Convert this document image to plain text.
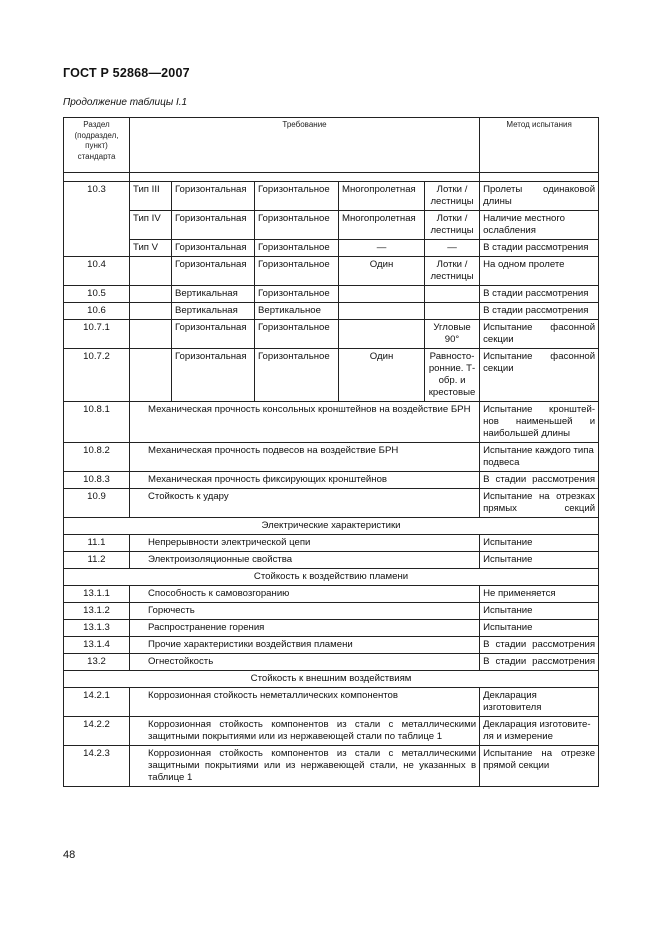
ГОСТ Р 52868—2007
Продолжение таблицы I.1
Раздел (подраздел, пункт) стандарта	Требование					Метод испытания

10.3	Тип III	Горизонтальная	Горизонтальное	Многопролетная	Лотки / лестницы	Пролеты одинаковой длины
	Тип IV	Горизонтальная	Горизонтальное	Многопролетная	Лотки / лестницы	Наличие местного ослабления
	Тип V	Горизонтальная	Горизонтальное	—	—	В стадии рассмотрения
10.4		Горизонтальная	Горизонтальное	Один	Лотки / лестницы	На одном пролете
10.5		Вертикальная	Горизонтальное			В стадии рассмотрения
10.6		Вертикальная	Вертикальное			В стадии рассмотрения
10.7.1		Горизонтальная	Горизонтальное		Угловые 90°	Испытание фасонной секции
10.7.2		Горизонтальная	Горизонтальное	Один	Равносто-ронние. Т-обр. и крестовые	Испытание фасонной секции
10.8.1	Механическая прочность консольных кронштейнов на воздействие БРН					Испытание кронштей-нов наименьшей и наибольшей длины
10.8.2	Механическая прочность подвесов на воздействие БРН					Испытание каждого типа подвеса
10.8.3	Механическая прочность фиксирующих кронштейнов					В стадии рассмотрения
10.9	Стойкость к удару					Испытание на отрезках прямых секций
Электрические характеристики						
11.1	Непрерывности электрической цепи					Испытание
11.2	Электроизоляционные свойства					Испытание
Стойкость к воздействию пламени						
13.1.1	Способность к самовозгоранию					Не применяется
13.1.2	Горючесть					Испытание
13.1.3	Распространение горения					Испытание
13.1.4	Прочие характеристики воздействия пламени					В стадии рассмотрения
13.2	Огнестойкость					В стадии рассмотрения
Стойкость к внешним воздействиям						
14.2.1	Коррозионная стойкость неметаллических компонентов					Декларация изготовителя
14.2.2	Коррозионная стойкость компонентов из стали с металлическими защитными покрытиями или из нержавеющей стали по таблице 1					Декларация изготовите-ля и измерение
14.2.3	Коррозионная стойкость компонентов из стали с металлическими защитными покрытиями или из нержавеющей стали, не указанных в таблице 1					Испытание на отрезке прямой секции
48
